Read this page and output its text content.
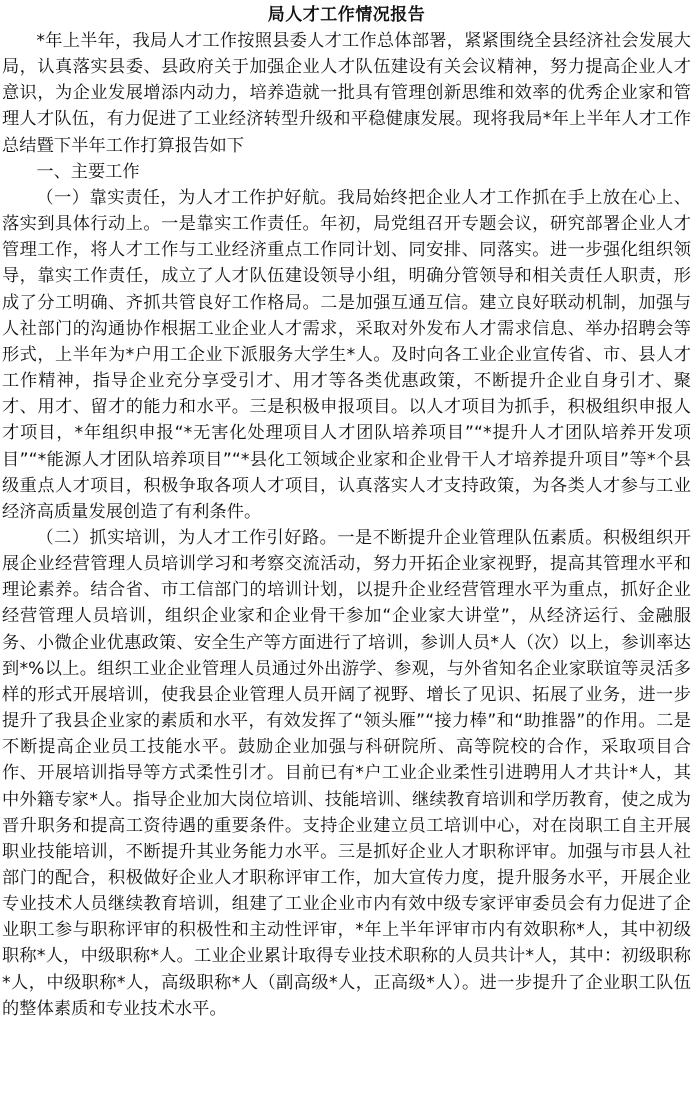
局人才工作情况报告

*年上半年，我局人才工作按照县委人才工作总体部署，紧紧围绕全县经济社会发展大局，认真落实县委、县政府关于加强企业人才队伍建设有关会议精神，努力提高企业人才意识，为企业发展增添内动力，培养造就一批具有管理创新思维和效率的优秀企业家和管理人才队伍，有力促进了工业经济转型升级和平稳健康发展。现将我局*年上半年人才工作总结暨下半年工作打算报告如下

一、主要工作

（一）靠实责任，为人才工作护好航。我局始终把企业人才工作抓在手上放在心上、落实到具体行动上。一是靠实工作责任。年初，局党组召开专题会议，研究部署企业人才管理工作，将人才工作与工业经济重点工作同计划、同安排、同落实。进一步强化组织领导，靠实工作责任，成立了人才队伍建设领导小组，明确分管领导和相关责任人职责，形成了分工明确、齐抓共管良好工作格局。二是加强互通互信。建立良好联动机制，加强与人社部门的沟通协作根据工业企业人才需求，采取对外发布人才需求信息、举办招聘会等形式，上半年为*户用工企业下派服务大学生*人。及时向各工业企业宣传省、市、县人才工作精神，指导企业充分享受引才、用才等各类优惠政策，不断提升企业自身引才、聚才、用才、留才的能力和水平。三是积极申报项目。以人才项目为抓手，积极组织申报人才项目，*年组织申报“*无害化处理项目人才团队培养项目”“*提升人才团队培养开发项目”“*能源人才团队培养项目”“*县化工领域企业家和企业骨干人才培养提升项目”等*个县级重点人才项目，积极争取各项人才项目，认真落实人才支持政策，为各类人才参与工业经济高质量发展创造了有利条件。

（二）抓实培训，为人才工作引好路。一是不断提升企业管理队伍素质。积极组织开展企业经营管理人员培训学习和考察交流活动，努力开拓企业家视野，提高其管理水平和理论素养。结合省、市工信部门的培训计划，以提升企业经营管理水平为重点，抓好企业经营管理人员培训，组织企业家和企业骨干参加“企业家大讲堂”，从经济运行、金融服务、小微企业优惠政策、安全生产等方面进行了培训，参训人员*人（次）以上，参训率达到*%以上。组织工业企业管理人员通过外出游学、参观，与外省知名企业家联谊等灵活多样的形式开展培训，使我县企业管理人员开阔了视野、增长了见识、拓展了业务，进一步提升了我县企业家的素质和水平，有效发挥了“领头雁”“接力棒”和“助推器”的作用。二是不断提高企业员工技能水平。鼓励企业加强与科研院所、高等院校的合作，采取项目合作、开展培训指导等方式柔性引才。目前已有*户工业企业柔性引进聘用人才共计*人，其中外籍专家*人。指导企业加大岗位培训、技能培训、继续教育培训和学历教育，使之成为晋升职务和提高工资待遇的重要条件。支持企业建立员工培训中心，对在岗职工自主开展职业技能培训，不断提升其业务能力水平。三是抓好企业人才职称评审。加强与市县人社部门的配合，积极做好企业人才职称评审工作，加大宣传力度，提升服务水平，开展企业专业技术人员继续教育培训，组建了工业企业市内有效中级专家评审委员会有力促进了企业职工参与职称评审的积极性和主动性评审，*年上半年评审市内有效职称*人，其中初级职称*人，中级职称*人。工业企业累计取得专业技术职称的人员共计*人，其中：初级职称*人，中级职称*人，高级职称*人（副高级*人，正高级*人）。进一步提升了企业职工队伍的整体素质和专业技术水平。
